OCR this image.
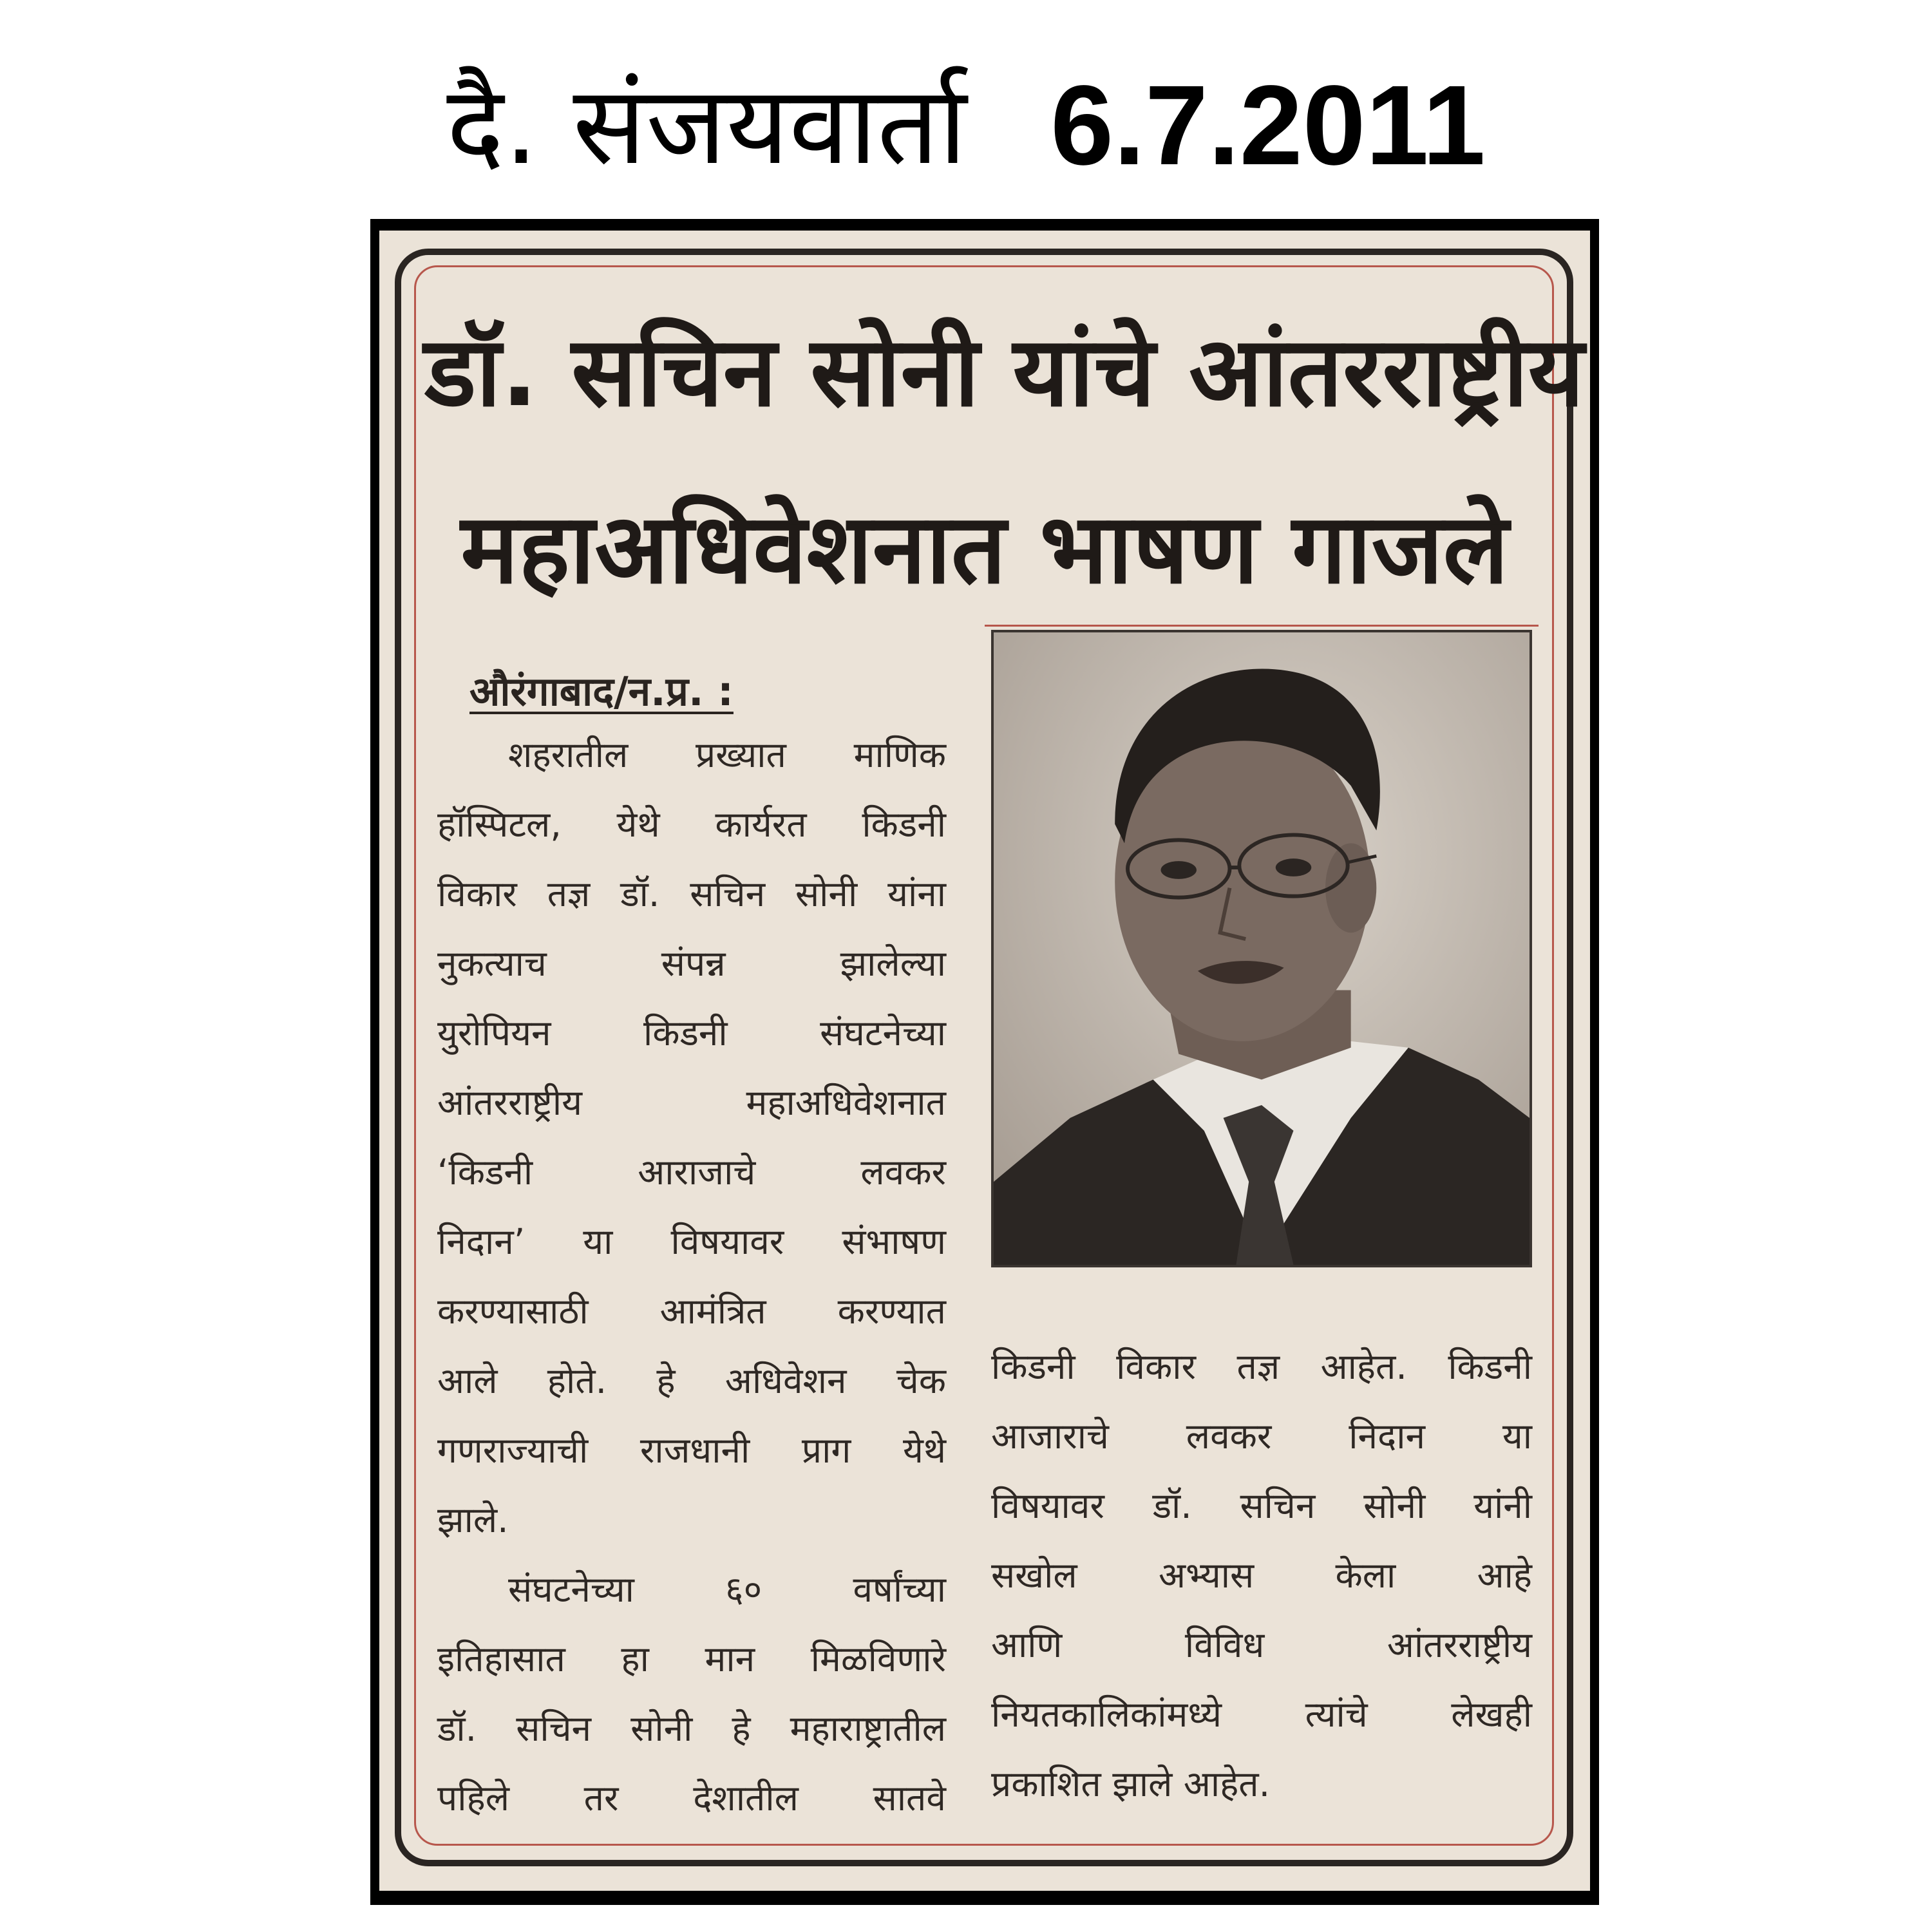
दै. संजयवार्ता 6.7.2011
डॉ. सचिन सोनी यांचे आंतरराष्ट्रीय
महाअधिवेशनात भाषण गाजले
औरंगाबाद/न.प्र. :

शहरातील प्रख्यात माणिक

हॉस्पिटल, येथे कार्यरत किडनी

विकार तज्ञ डॉ. सचिन सोनी यांना

नुकत्याच संपन्न झालेल्या

युरोपियन किडनी संघटनेच्या

आंतरराष्ट्रीय महाअधिवेशनात

‘किडनी आराजाचे लवकर

निदान’ या विषयावर संभाषण

करण्यासाठी आमंत्रित करण्यात

आले होते. हे अधिवेशन चेक

गणराज्याची राजधानी प्राग येथे

झाले.

संघटनेच्या ६० वर्षांच्या

इतिहासात हा मान मिळविणारे

डॉ. सचिन सोनी हे महाराष्ट्रातील

पहिले तर देशातील सातवे

किडनी विकार तज्ञ आहेत. किडनी

आजाराचे लवकर निदान या

विषयावर डॉ. सचिन सोनी यांनी

सखोल अभ्यास केला आहे

आणि विविध आंतरराष्ट्रीय

नियतकालिकांमध्ये त्यांचे लेखही

प्रकाशित झाले आहेत.
